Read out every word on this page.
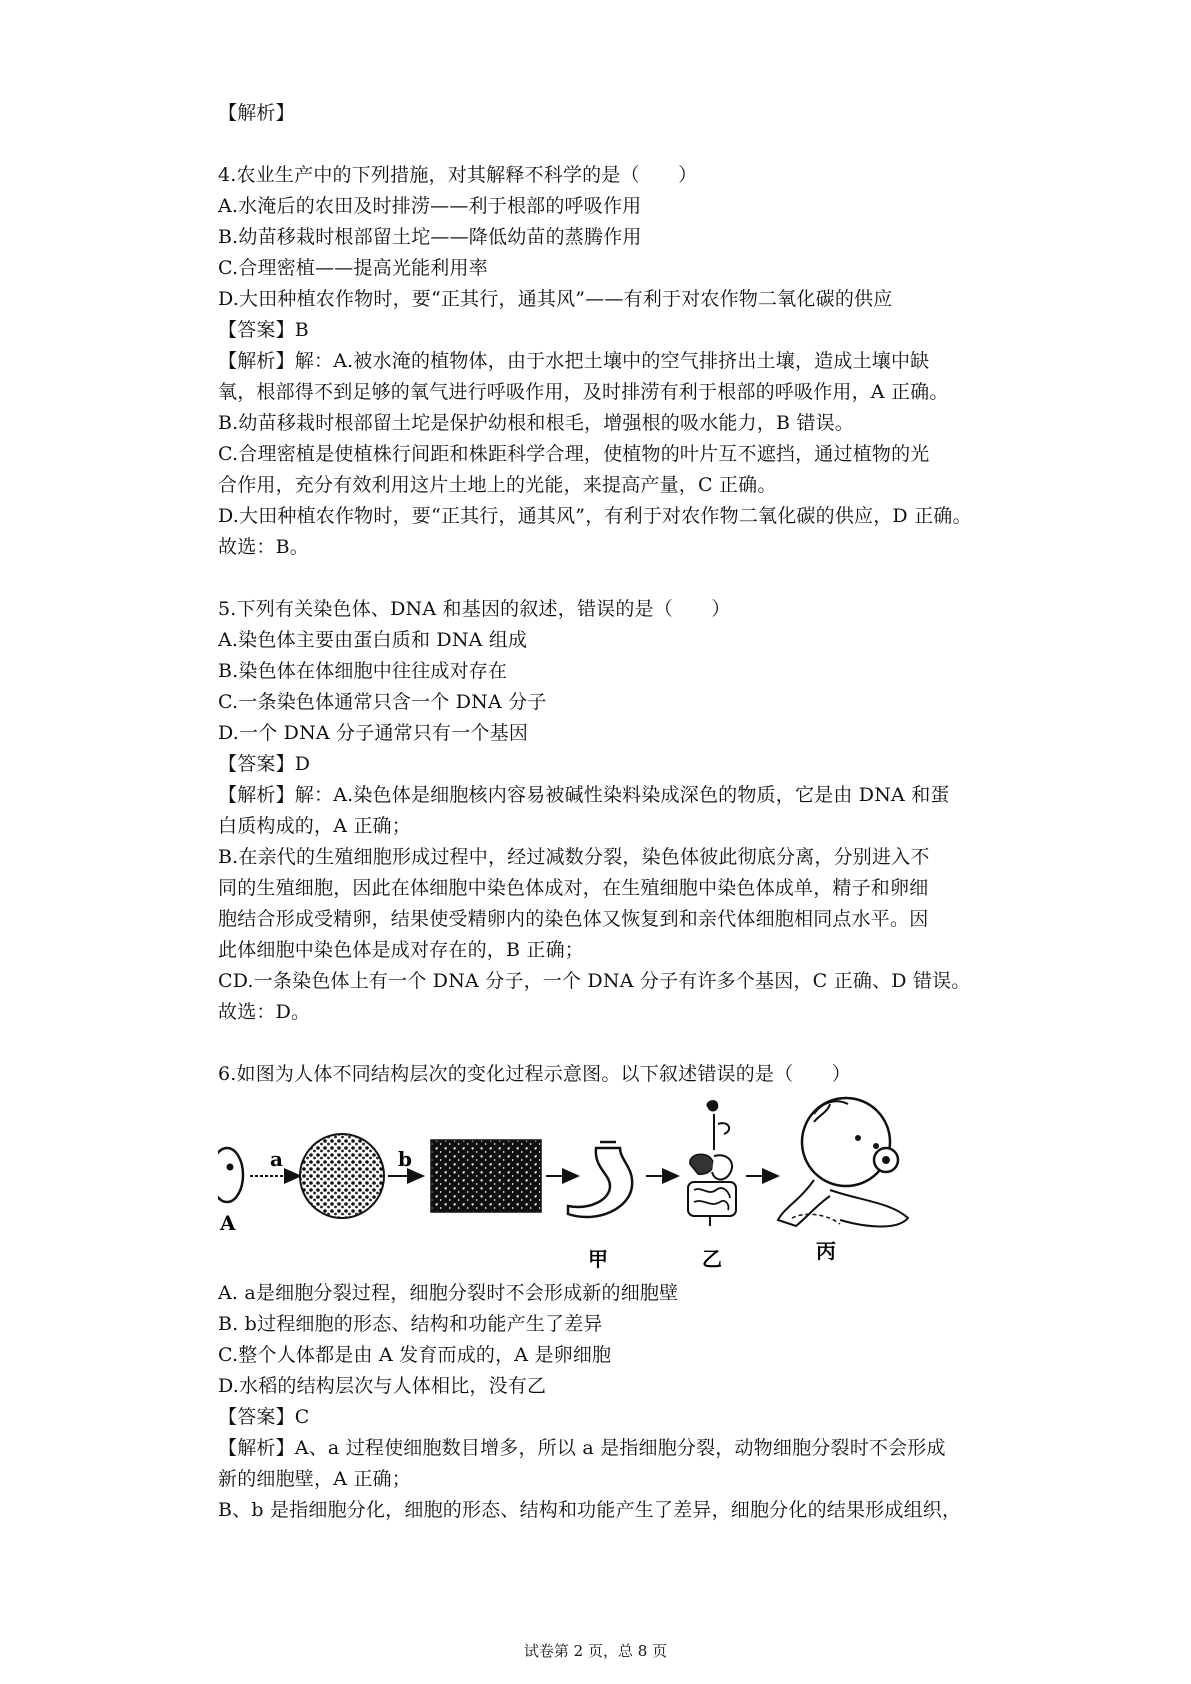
【解析】
4.农业生产中的下列措施，对其解释不科学的是（　　）
A.水淹后的农田及时排涝——利于根部的呼吸作用
B.幼苗移栽时根部留土坨——降低幼苗的蒸腾作用
C.合理密植——提高光能利用率
D.大田种植农作物时，要“正其行，通其风”——有利于对农作物二氧化碳的供应
【答案】B
【解析】解：A.被水淹的植物体，由于水把土壤中的空气排挤出土壤，造成土壤中缺
氧，根部得不到足够的氧气进行呼吸作用，及时排涝有利于根部的呼吸作用，A 正确。
B.幼苗移栽时根部留土坨是保护幼根和根毛，增强根的吸水能力，B 错误。
C.合理密植是使植株行间距和株距科学合理，使植物的叶片互不遮挡，通过植物的光
合作用，充分有效利用这片土地上的光能，来提高产量，C 正确。
D.大田种植农作物时，要“正其行，通其风”，有利于对农作物二氧化碳的供应，D 正确。
故选：B。
5.下列有关染色体、DNA 和基因的叙述，错误的是（　　）
A.染色体主要由蛋白质和 DNA 组成
B.染色体在体细胞中往往成对存在
C.一条染色体通常只含一个 DNA 分子
D.一个 DNA 分子通常只有一个基因
【答案】D
【解析】解：A.染色体是细胞核内容易被碱性染料染成深色的物质，它是由 DNA 和蛋
白质构成的，A 正确；
B.在亲代的生殖细胞形成过程中，经过减数分裂，染色体彼此彻底分离，分别进入不
同的生殖细胞，因此在体细胞中染色体成对，在生殖细胞中染色体成单，精子和卵细
胞结合形成受精卵，结果使受精卵内的染色体又恢复到和亲代体细胞相同点水平。因
此体细胞中染色体是成对存在的，B 正确；
CD.一条染色体上有一个 DNA 分子，一个 DNA 分子有许多个基因，C 正确、D 错误。
故选：D。
6.如图为人体不同结构层次的变化过程示意图。以下叙述错误的是（　　）
A
a	b
甲	乙	丙
A. a是细胞分裂过程，细胞分裂时不会形成新的细胞壁
B. b过程细胞的形态、结构和功能产生了差异
C.整个人体都是由 A 发育而成的，A 是卵细胞
D.水稻的结构层次与人体相比，没有乙
【答案】C
【解析】A、a 过程使细胞数目增多，所以 a 是指细胞分裂，动物细胞分裂时不会形成
新的细胞壁，A 正确；
B、b 是指细胞分化，细胞的形态、结构和功能产生了差异，细胞分化的结果形成组织，
试卷第 2 页，总 8 页
